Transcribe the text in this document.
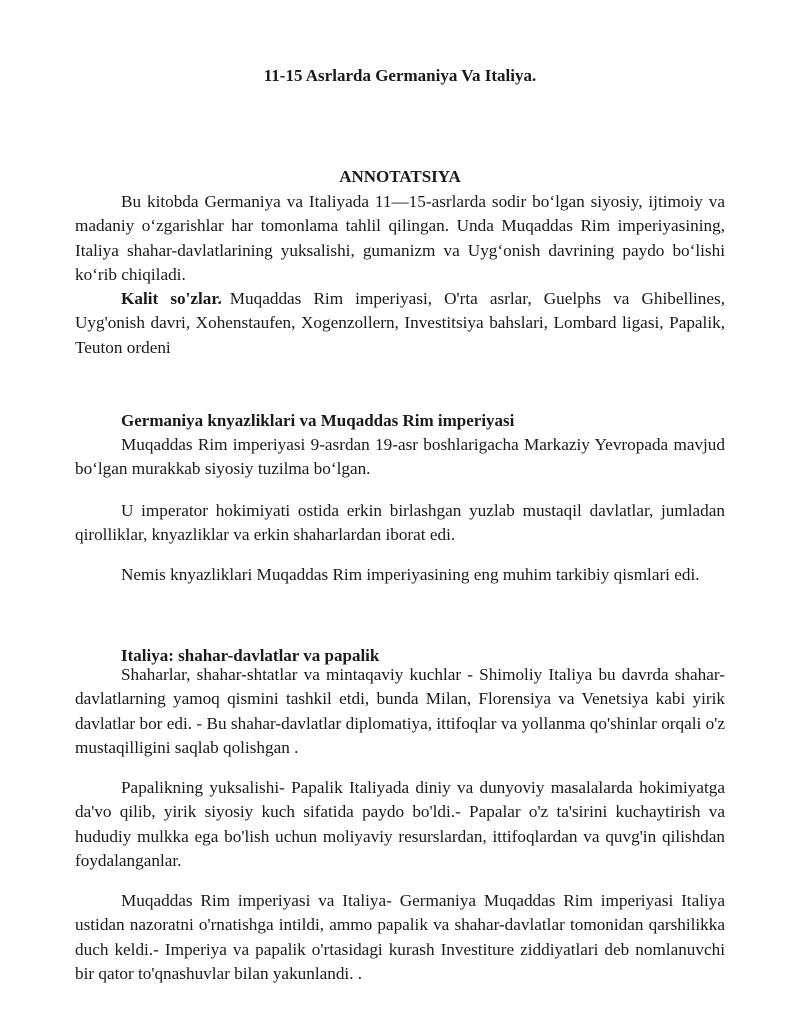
11-15 Asrlarda Germaniya Va Italiya.
ANNOTATSIYA

Bu kitobda Germaniya va Italiyada 11—15-asrlarda sodir bo‘lgan siyosiy, ijtimoiy va madaniy o‘zgarishlar har tomonlama tahlil qilingan. Unda Muqaddas Rim imperiyasining, Italiya shahar-davlatlarining yuksalishi, gumanizm va Uyg‘onish davrining paydo bo‘lishi ko‘rib chiqiladi.

Kalit so'zlar. Muqaddas Rim imperiyasi, O'rta asrlar, Guelphs va Ghibellines, Uyg'onish davri, Xohenstaufen, Xogenzollern, Investitsiya bahslari, Lombard ligasi, Papalik, Teuton ordeni

Germaniya knyazliklari va Muqaddas Rim imperiyasi

Muqaddas Rim imperiyasi 9-asrdan 19-asr boshlarigacha Markaziy Yevropada mavjud bo‘lgan murakkab siyosiy tuzilma bo‘lgan.

U imperator hokimiyati ostida erkin birlashgan yuzlab mustaqil davlatlar, jumladan qirolliklar, knyazliklar va erkin shaharlardan iborat edi.

Nemis knyazliklari Muqaddas Rim imperiyasining eng muhim tarkibiy qismlari edi.

Italiya: shahar-davlatlar va papalik

Shaharlar, shahar-shtatlar va mintaqaviy kuchlar - Shimoliy Italiya bu davrda shahar-davlatlarning yamoq qismini tashkil etdi, bunda Milan, Florensiya va Venetsiya kabi yirik davlatlar bor edi. - Bu shahar-davlatlar diplomatiya, ittifoqlar va yollanma qo'shinlar orqali o'z mustaqilligini saqlab qolishgan .

Papalikning yuksalishi- Papalik Italiyada diniy va dunyoviy masalalarda hokimiyatga da'vo qilib, yirik siyosiy kuch sifatida paydo bo'ldi.- Papalar o'z ta'sirini kuchaytirish va hududiy mulkka ega bo'lish uchun moliyaviy resurslardan, ittifoqlardan va quvg'in qilishdan foydalanganlar.

Muqaddas Rim imperiyasi va Italiya- Germaniya Muqaddas Rim imperiyasi Italiya ustidan nazoratni o'rnatishga intildi, ammo papalik va shahar-davlatlar tomonidan qarshilikka duch keldi.- Imperiya va papalik o'rtasidagi kurash Investiture ziddiyatlari deb nomlanuvchi bir qator to'qnashuvlar bilan yakunlandi. .
